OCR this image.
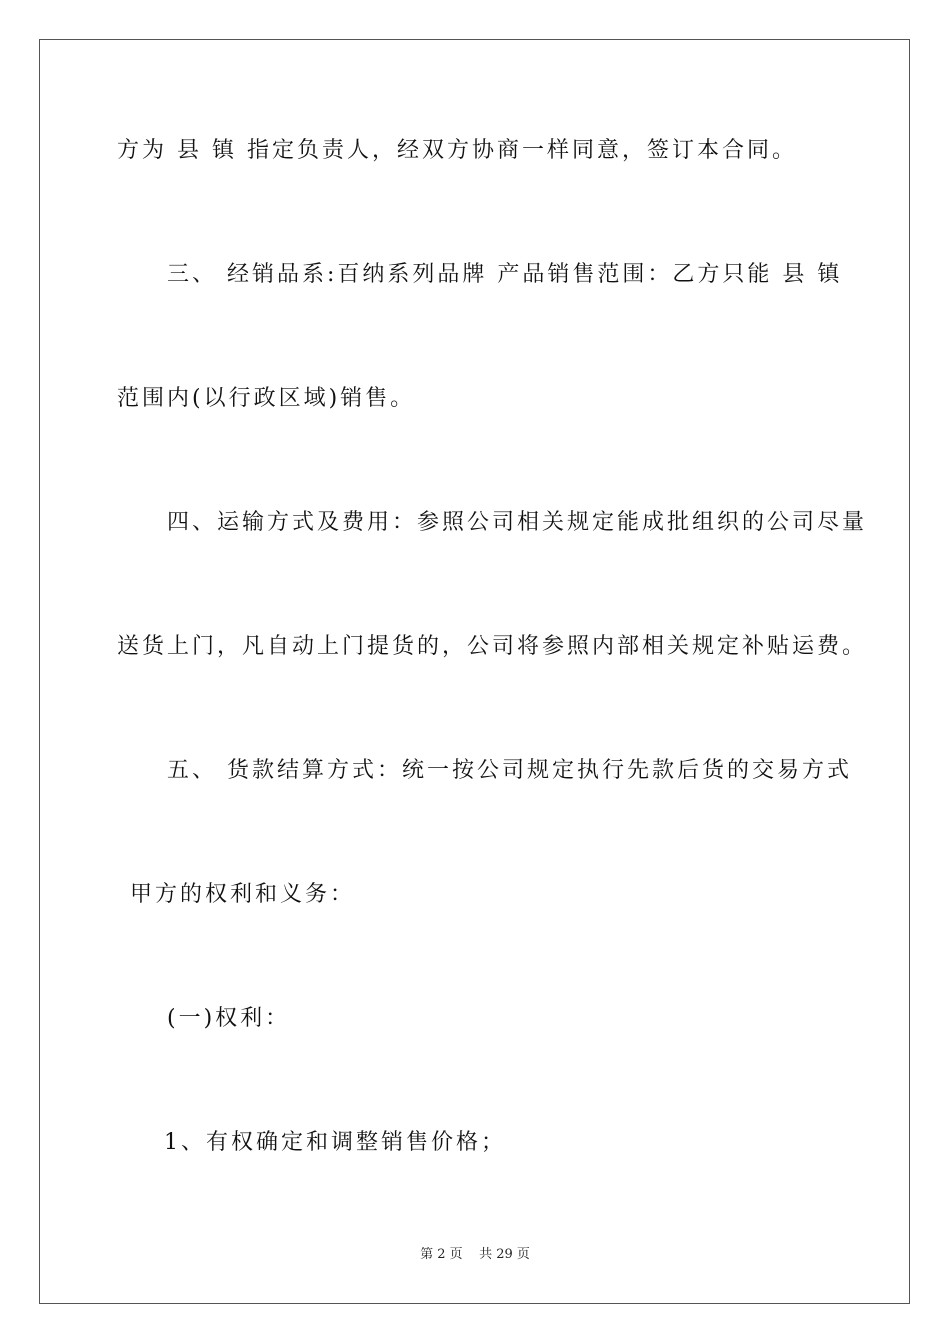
方为 县 镇 指定负责人，经双方协商一样同意，签订本合同。
三、 经销品系:百纳系列品牌 产品销售范围：乙方只能 县 镇
范围内(以行政区域)销售。
四、运输方式及费用：参照公司相关规定能成批组织的公司尽量
送货上门，凡自动上门提货的，公司将参照内部相关规定补贴运费。
五、 货款结算方式：统一按公司规定执行先款后货的交易方式
甲方的权利和义务：
(一)权利：
1、有权确定和调整销售价格；
第 2 页    共 29 页
